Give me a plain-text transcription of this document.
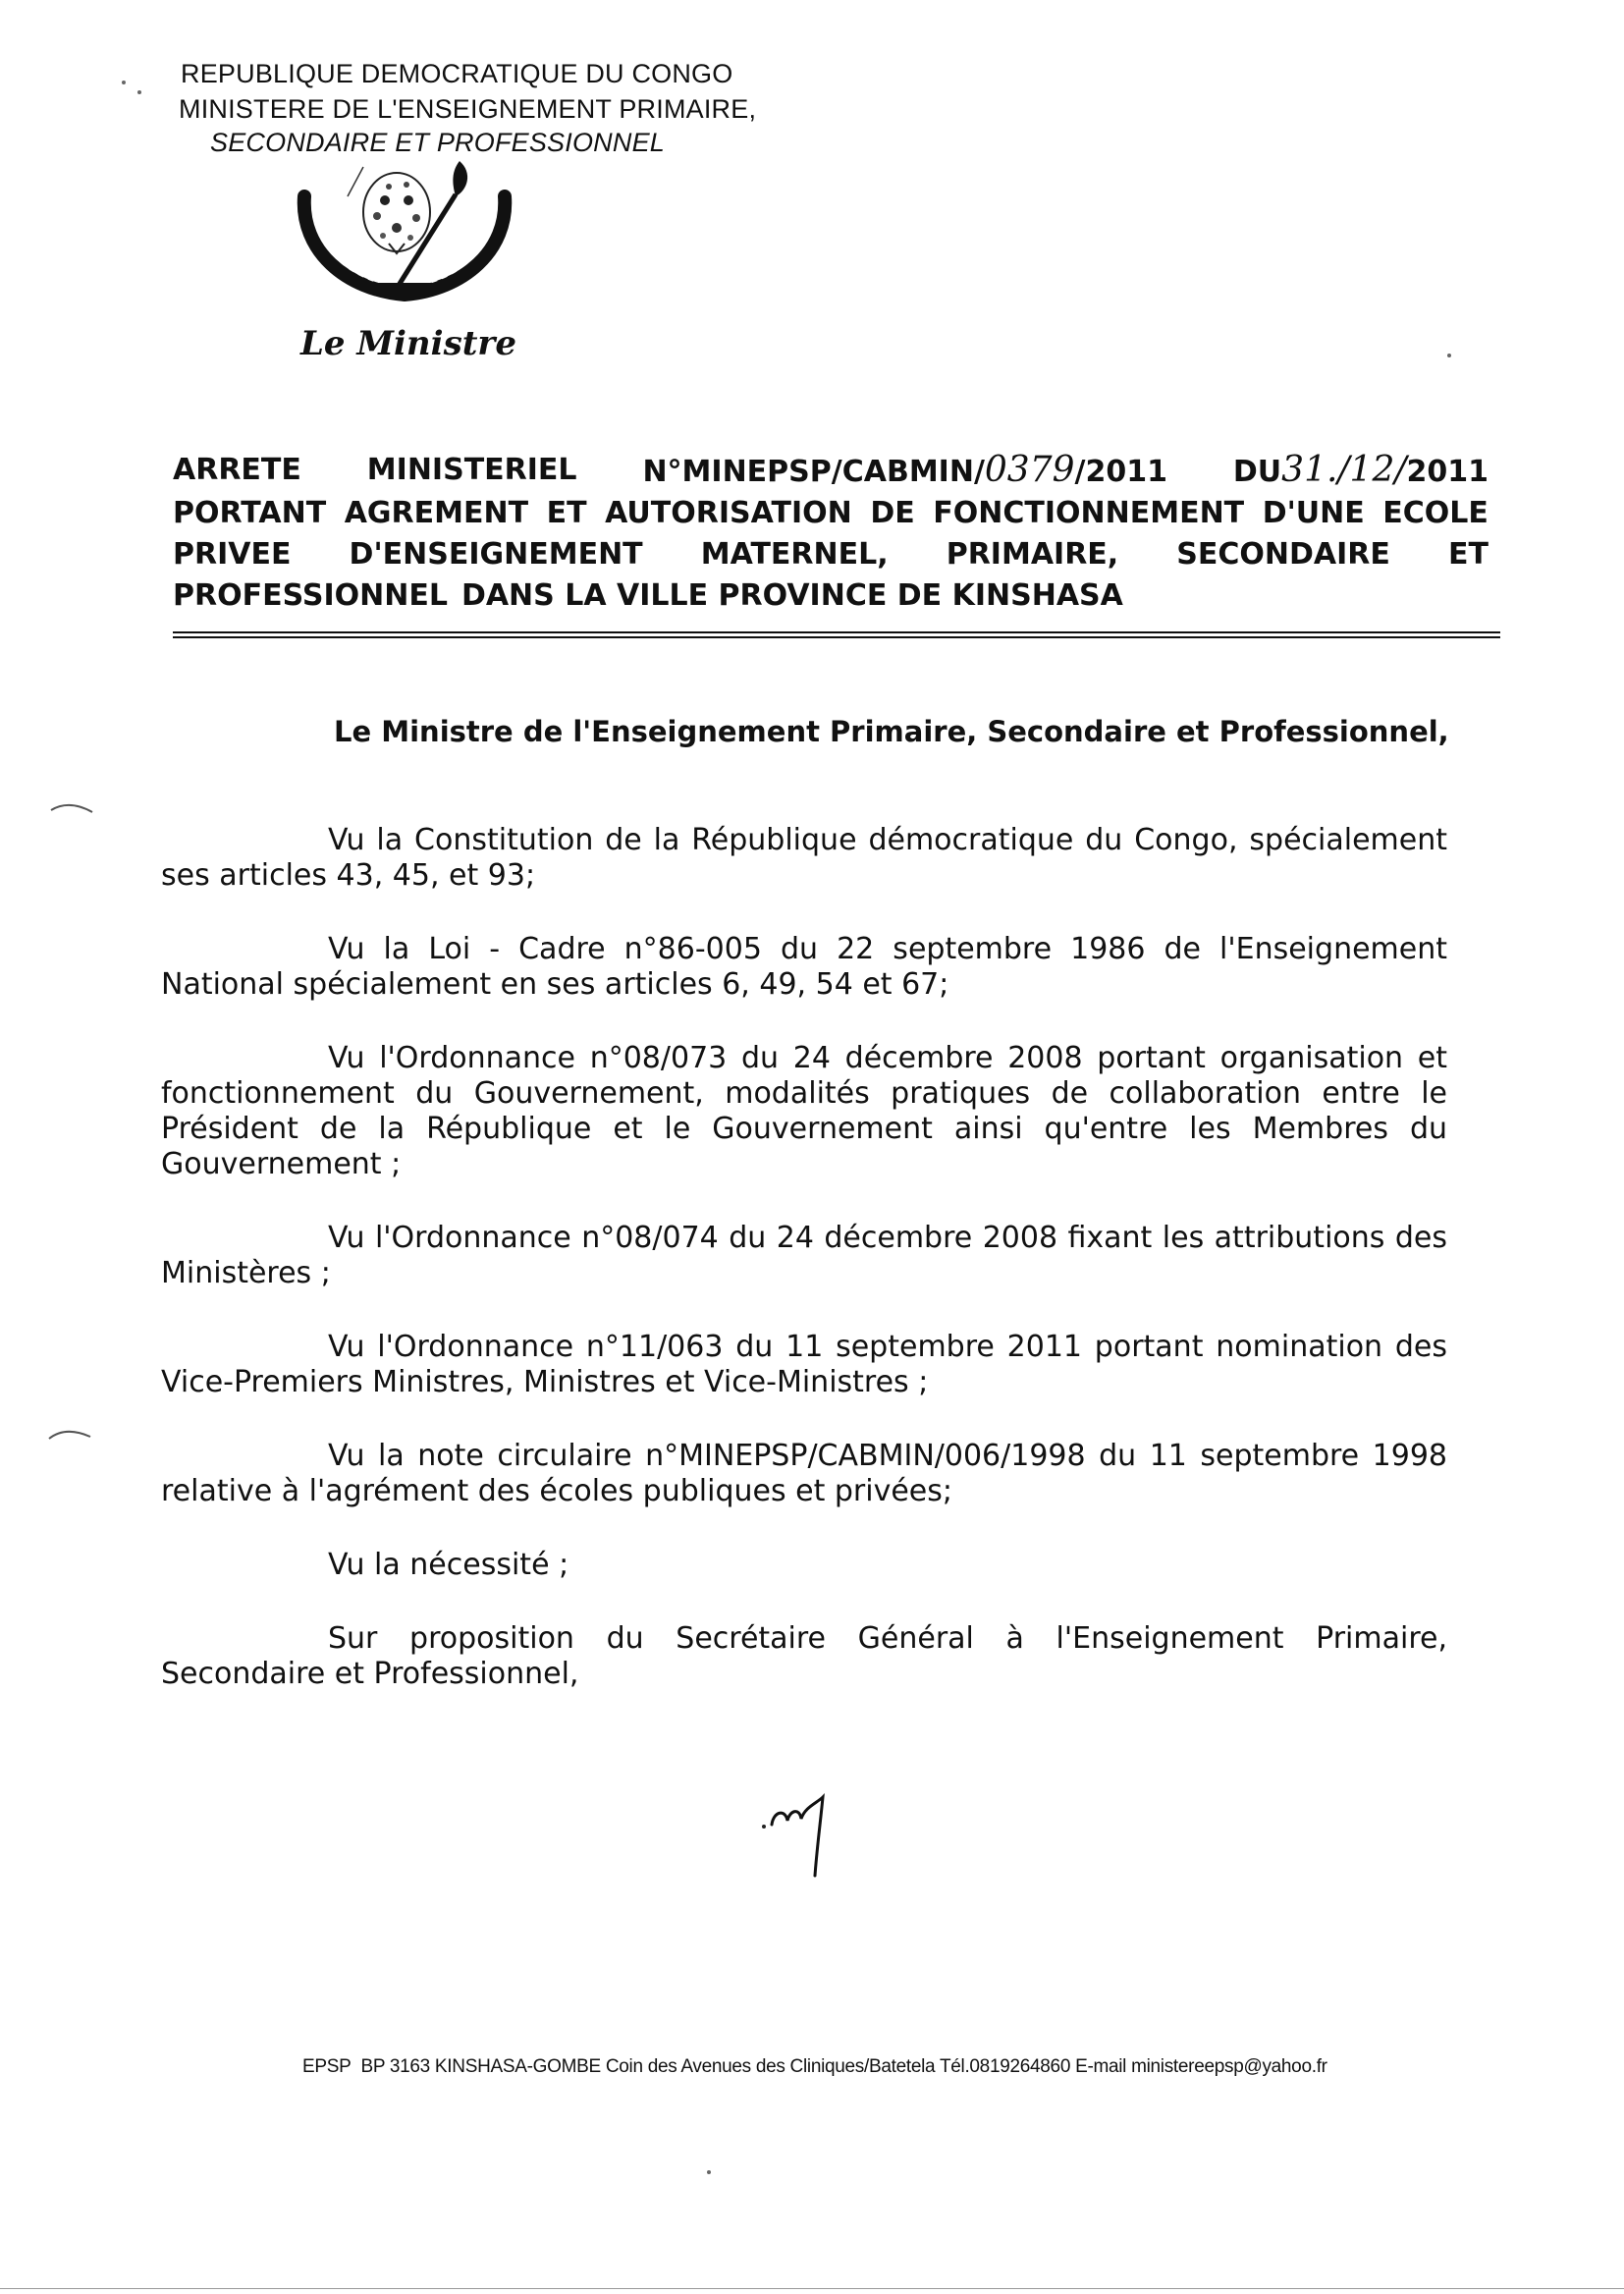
REPUBLIQUE DEMOCRATIQUE DU CONGO
MINISTERE DE L'ENSEIGNEMENT PRIMAIRE,
SECONDAIRE ET PROFESSIONNEL
Le Ministre
ARRETE MINISTERIEL N°MINEPSP/CABMIN/0379/2011 DU31./12/2011
PORTANT AGREMENT ET AUTORISATION DE FONCTIONNEMENT D'UNE ECOLE
PRIVEE D'ENSEIGNEMENT MATERNEL, PRIMAIRE, SECONDAIRE ET
PROFESSIONNEL DANS LA VILLE PROVINCE DE KINSHASA
Le Ministre de l'Enseignement Primaire, Secondaire et Professionnel,

Vu la Constitution de la République démocratique du Congo, spécialement ses articles 43, 45, et 93;

Vu la Loi - Cadre n°86-005 du 22 septembre 1986 de l'Enseignement National spécialement en ses articles 6, 49, 54 et 67;

Vu l'Ordonnance n°08/073 du 24 décembre 2008 portant organisation et fonctionnement du Gouvernement, modalités pratiques de collaboration entre le Président de la République et le Gouvernement ainsi qu'entre les Membres du Gouvernement ;

Vu l'Ordonnance n°08/074 du 24 décembre 2008 fixant les attributions des Ministères ;

Vu l'Ordonnance n°11/063 du 11 septembre 2011 portant nomination des Vice-Premiers Ministres, Ministres et Vice-Ministres ;

Vu la note circulaire n°MINEPSP/CABMIN/006/1998 du 11 septembre 1998 relative à l'agrément des écoles publiques et privées;

Vu la nécessité ;

Sur proposition du Secrétaire Général à l'Enseignement Primaire, Secondaire et Professionnel,

EPSP BP 3163 KINSHASA-GOMBE Coin des Avenues des Cliniques/Batetela Tél.0819264860 E-mail ministereepsp@yahoo.fr
